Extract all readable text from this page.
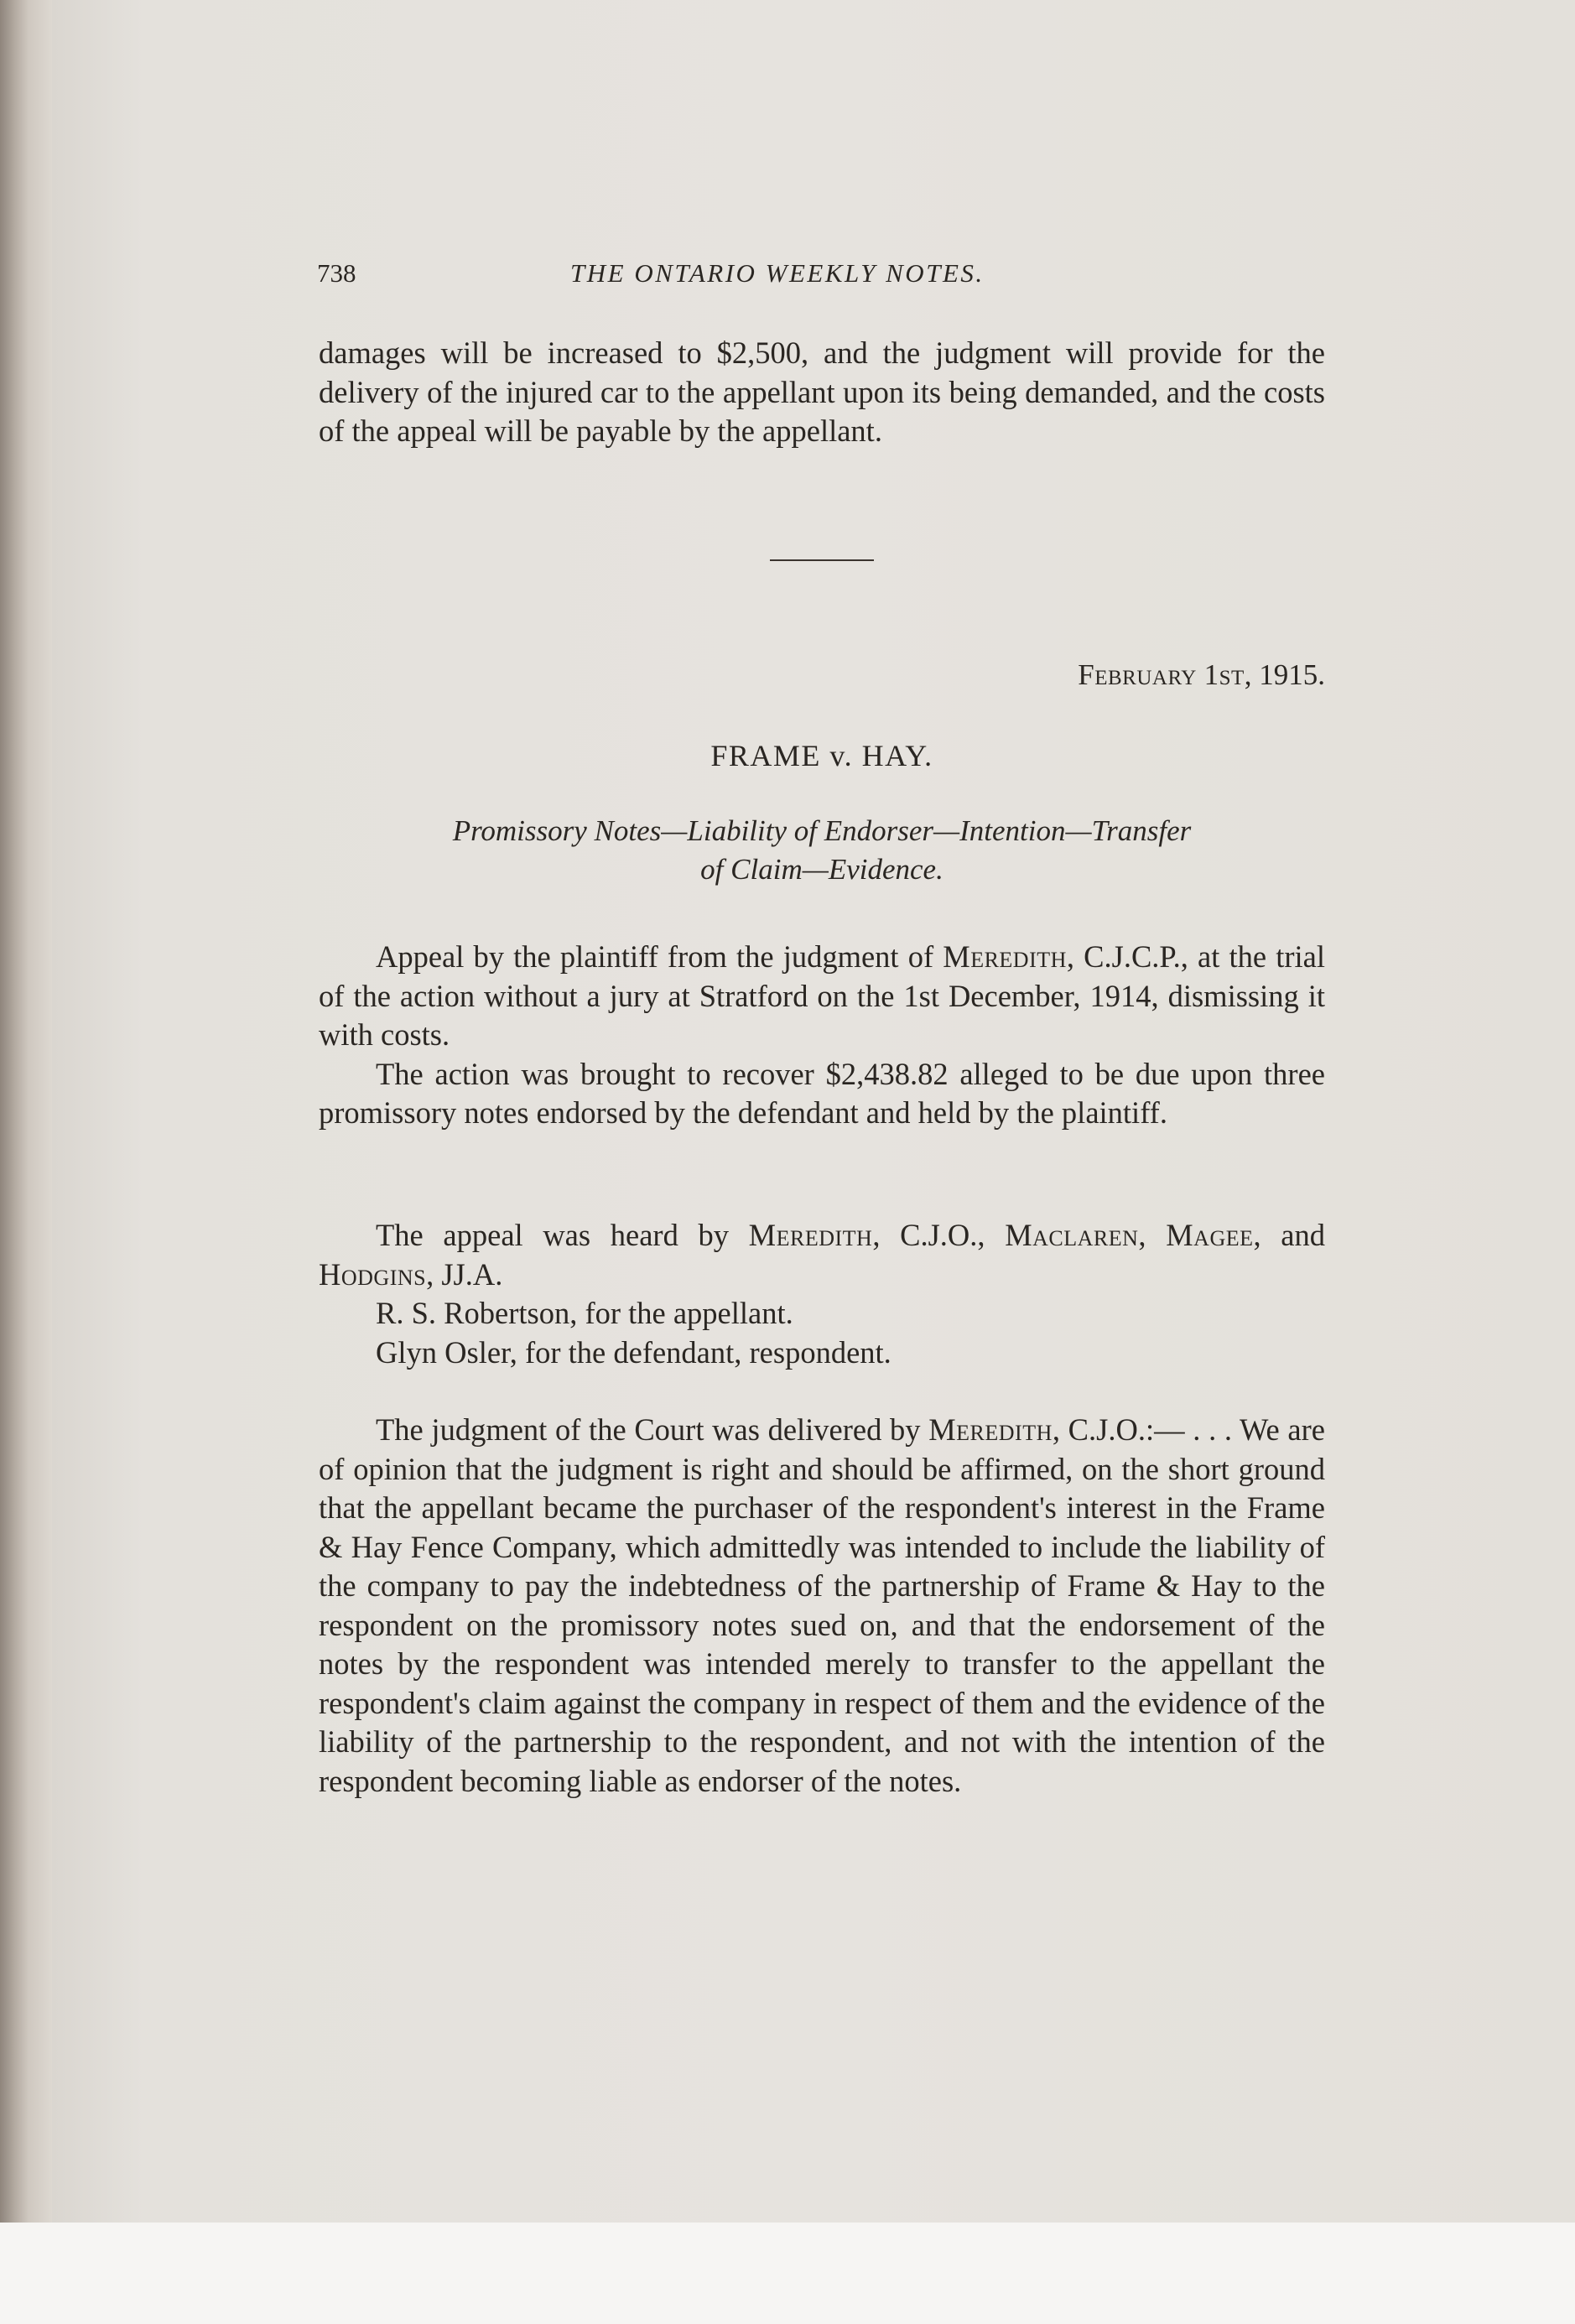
738	THE ONTARIO WEEKLY NOTES.

damages will be increased to $2,500, and the judgment will provide for the delivery of the injured car to the appellant upon its being demanded, and the costs of the appeal will be payable by the appellant.

February 1st, 1915.
FRAME v. HAY.
Promissory Notes—Liability of Endorser—Intention—Transfer
of Claim—Evidence.

Appeal by the plaintiff from the judgment of Meredith, C.J.C.P., at the trial of the action without a jury at Stratford on the 1st December, 1914, dismissing it with costs.

The action was brought to recover $2,438.82 alleged to be due upon three promissory notes endorsed by the defendant and held by the plaintiff.

The appeal was heard by Meredith, C.J.O., Maclaren, Magee, and Hodgins, JJ.A.

R. S. Robertson, for the appellant.

Glyn Osler, for the defendant, respondent.

The judgment of the Court was delivered by Meredith, C.J.O.:— . . . We are of opinion that the judgment is right and should be affirmed, on the short ground that the appellant became the purchaser of the respondent's interest in the Frame & Hay Fence Company, which admittedly was intended to include the liability of the company to pay the indebtedness of the partnership of Frame & Hay to the respondent on the promissory notes sued on, and that the endorsement of the notes by the respondent was intended merely to transfer to the appellant the respondent's claim against the company in respect of them and the evidence of the liability of the partnership to the respondent, and not with the intention of the respondent becoming liable as endorser of the notes.
